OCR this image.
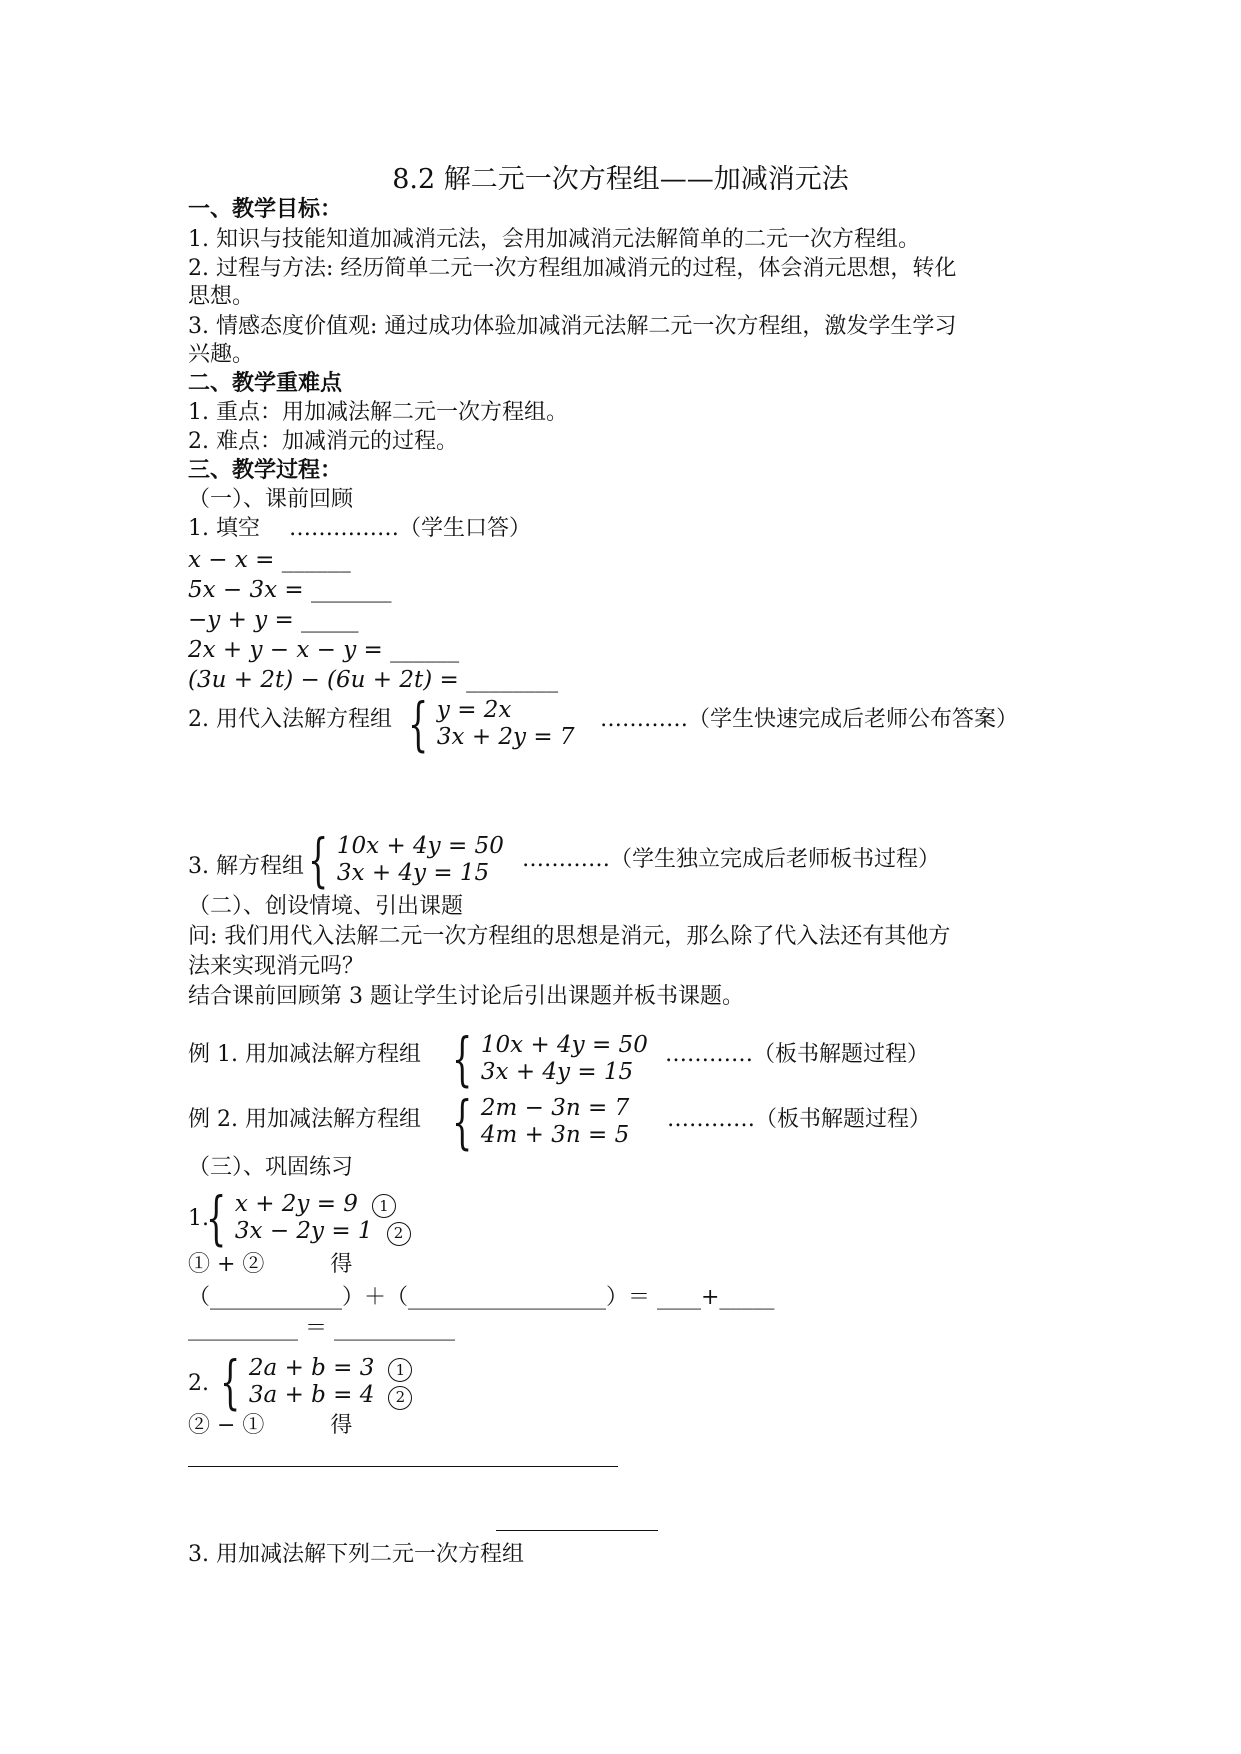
8.2 解二元一次方程组——加减消元法
一、教学目标：
1. 知识与技能知道加减消元法，会用加减消元法解简单的二元一次方程组。
2. 过程与方法: 经历简单二元一次方程组加减消元的过程，体会消元思想，转化
思想。
3. 情感态度价值观: 通过成功体验加减消元法解二元一次方程组，激发学生学习
兴趣。
二、教学重难点
1. 重点：用加减法解二元一次方程组。
2. 难点：加减消元的过程。
三、教学过程：
（一）、课前回顾
1. 填空　 ……………（学生口答）
x − x = ______
5x − 3x = _______
−y + y = _____
2x + y − x − y = ______
(3u + 2t) − (6u + 2t) = ________
2. 用代入法解方程组 { y = 2x
3x + 2y = 7
…………（学生快速完成后老师公布答案）
3. 解方程组 { 10x + 4y = 50
3x + 4y = 15
…………（学生独立完成后老师板书过程）
（二）、创设情境、引出课题
问: 我们用代入法解二元一次方程组的思想是消元，那么除了代入法还有其他方
法来实现消元吗？
结合课前回顾第 3 题让学生讨论后引出课题并板书课题。
例 1. 用加减法解方程组 { 10x + 4y = 50
3x + 4y = 15
…………（板书解题过程）
例 2. 用加减法解方程组 { 2m − 3n = 7
4m + 3n = 5
…………（板书解题过程）
（三）、巩固练习
1.
{ x + 2y = 9 1
3x − 2y = 1 2
① + ②　　　得
（____________）＋（__________________）＝ ____+_____
__________ ＝ ___________
2. { 2a + b = 3 1
3a + b = 4 2
② − ①　　　得
3. 用加减法解下列二元一次方程组
